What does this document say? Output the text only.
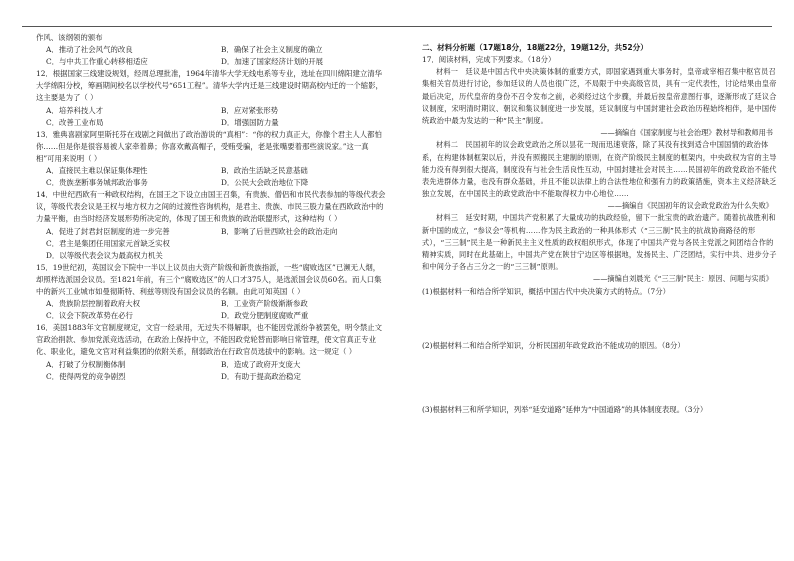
作风、该纲领的颁布
A．推动了社会风气的改良	B．确保了社会主义制度的确立
C．与中共工作重心转移相适应	D．加速了国家经济计划的开展
12．根据国家三线建设规划，经周总理批准，1964年清华大学无线电系等专业，选址在四川绵阳建立清华大学绵阳分校，筹画期间校名以学校代号“651工程”。清华大学内迁是三线建设时期高校内迁的一个缩影，这主要是为了（ ）
A．培养科技人才	B．应对紧张形势
C．改善工业布局	D．增强国防力量
13．雅典喜剧家阿里斯托芬在戏剧之间做出了政治游说的“真相”：“你的权力真正大，你像个君主人人都怕你……但是你是很容易被人家牵着鼻；你喜欢戴高帽子，受贿受骗，老是张嘴要着那些演说家。”这一真相”可用来说明（ ）
A．直接民主难以保证集体理性	B．政治生活缺乏民意基础
C．贵族垄断事务城邦政治事务	D．公民大会政治地位下降
14．中世纪西欧有一种政权结构，在国王之下设立由国王召集，有贵族、僧侣和市民代表参加的等级代表会议，等级代表会议是王权与地方权力之间的过渡性咨询机构，是君主、贵族、市民三股力量在西欧政治中的力量平衡，由当时经济发展形势所决定的，体现了国王和贵族的政治联盟形式，这种结构（ ）
A．促进了封君封臣制度的进一步完善	B．影响了后世西欧社会的政治走向
C．君主是集团任用国家元首缺乏实权
D．以等级代表会议为最高权力机关
15．19世纪初，英国议会下院中一半以上议员由大资产阶级和新贵族指派，一些“腐败选区”已濒无人烟，却照样选派国会议员。至1821年前，有三个“腐败选区”的人口才375人，是选派国会议员60名。而人口集中的新兴工业城市如曼彻斯特、利兹等则没有国会议员的名额。由此可知英国（ ）
A．贵族阶层控制着政府大权	B．工业资产阶级渐渐参政
C．议会下院改革势在必行	D．政党分肥制度腐败严重
16．美国1883年文官制度规定，文官一经录用，无过失不得解职，也不能因党派纷争被罢免，明令禁止文官政治捐款、参加党派竞选活动，在政治上保持中立，不能因政党轮替而影响日常管理，使文官真正专业化、职业化，避免文官对利益集团的依附关系，削弱政治在行政官员选拔中的影响。这一规定（ ）
A．打破了分权制衡体制	B．造成了政府开支庞大
C．使得两党的竞争剧烈	D．有助于提高政治稳定
二、材料分析题（17题18分，18题22分，19题12分，共52分）
17．阅读材料，完成下列要求。（18分）
材料一　廷议是中国古代中央决策体制的重要方式，即国家遇到重大事务时，皇帝或宰相召集中枢官员召集相关官员进行讨论，参加廷议的人员也很广泛，不局限于中央高级官员，具有一定代表性，讨论结果由皇帝最后决定，历代皇帝的身份不召令发布之前，必须经过这个步骤，并最后按皇帝意图行事，逐渐形成了廷议合议制度，宋明清时期议、朝议和集议制度进一步发展，廷议制度与中国封建社会政治历程始终相伴，是中国传统政治中最为发达的一种“民主”制度。
——摘编自《国家制度与社会治理》教材导和教师用书
材料二　民国初年的议会政党政治之所以昙花一现而迅速衰落，除了其没有找到适合中国国情的政治体系，在构建体制框架以后，并没有照搬民主建制的原则，在资产阶级民主制度的框架内，中央政权为官的主导能力没有得到很大提高，制度没有与社会生活良性互动，中国封建社会对民主……民国初年的政党政治不能代表先进群体力量，也没有群众基础，并且不能以法律上的合法性地位和强有力的政策措施，资本主义经济缺乏独立发展，在中国民主的政党政治中不能取得权力中心地位……
——摘编自《民国初年的议会政党政治为什么失败》
材料三　延安时期，中国共产党积累了大量成功的执政经验，留下一批宝贵的政治遗产。随着抗战胜利和新中国的成立，“参议会”等机构……作为民主政治的一种具体形式（“三三制”民主的抗战协商路径的形式），“三三制”民主是一种新民主主义性质的政权组织形式，体现了中国共产党与各民主党派之间团结合作的精神实质，同时在此基础上，中国共产党在陕甘宁边区等根据地，发扬民主、广泛团结，实行中共、进步分子和中间分子各占三分之一的“三三制”原则。
——摘编自刘晨光《“三三制”民主：原因、问题与实质》
(1)根据材料一和结合所学知识，概括中国古代中央决策方式的特点。（7分）
(2)根据材料二和结合所学知识，分析民国初年政党政治不能成功的原因。（8分）
(3)根据材料三和所学知识，列举“延安道路”延伸为“中国道路”的具体制度表现。（3分）
